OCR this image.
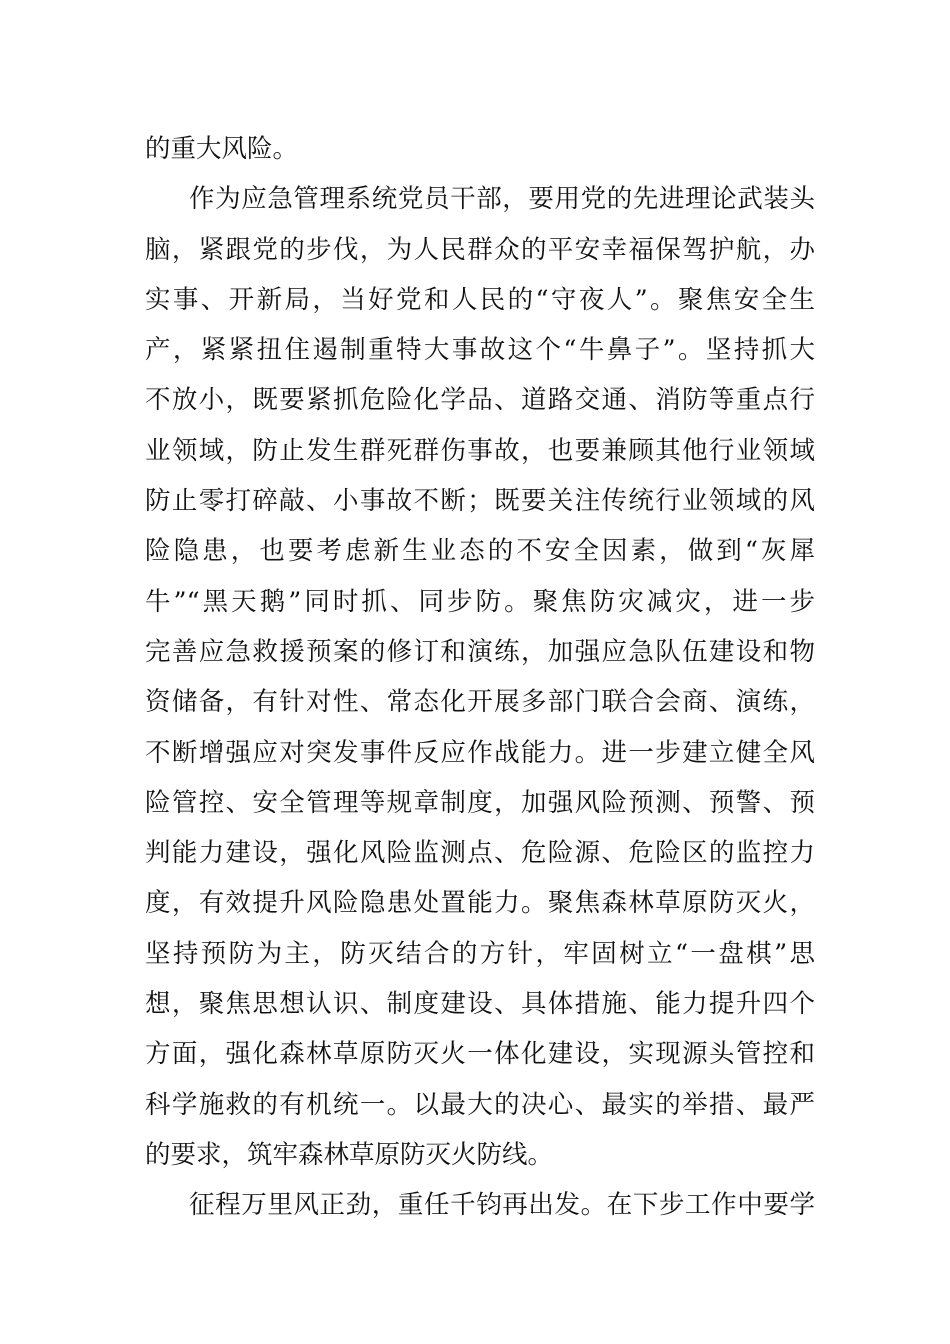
的重大风险。
作为应急管理系统党员干部，要用党的先进理论武装头
脑，紧跟党的步伐，为人民群众的平安幸福保驾护航，办
实事、开新局，当好党和人民的“守夜人”。聚焦安全生
产，紧紧扭住遏制重特大事故这个“牛鼻子”。坚持抓大
不放小，既要紧抓危险化学品、道路交通、消防等重点行
业领域，防止发生群死群伤事故，也要兼顾其他行业领域
防止零打碎敲、小事故不断；既要关注传统行业领域的风
险隐患，也要考虑新生业态的不安全因素，做到“灰犀
牛”“黑天鹅”同时抓、同步防。聚焦防灾减灾，进一步
完善应急救援预案的修订和演练，加强应急队伍建设和物
资储备，有针对性、常态化开展多部门联合会商、演练，
不断增强应对突发事件反应作战能力。进一步建立健全风
险管控、安全管理等规章制度，加强风险预测、预警、预
判能力建设，强化风险监测点、危险源、危险区的监控力
度，有效提升风险隐患处置能力。聚焦森林草原防灭火，
坚持预防为主，防灭结合的方针，牢固树立“一盘棋”思
想，聚焦思想认识、制度建设、具体措施、能力提升四个
方面，强化森林草原防灭火一体化建设，实现源头管控和
科学施救的有机统一。以最大的决心、最实的举措、最严
的要求，筑牢森林草原防灭火防线。
征程万里风正劲，重任千钧再出发。在下步工作中要学
